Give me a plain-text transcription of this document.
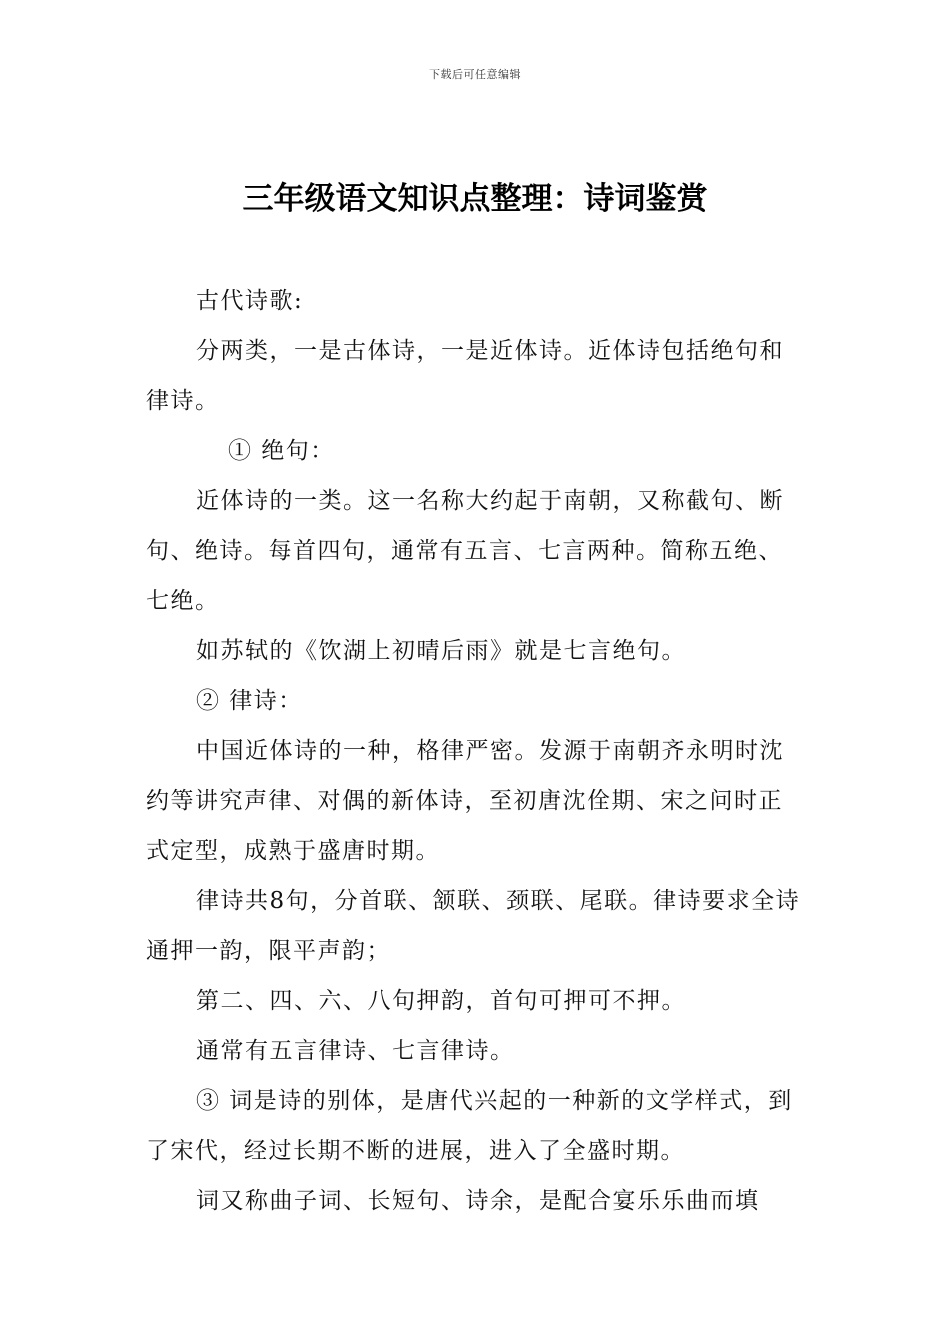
下载后可任意编辑
三年级语文知识点整理：诗词鉴赏

古代诗歌:

分两类，一是古体诗，一是近体诗。近体诗包括绝句和律诗。

① 绝句：

近体诗的一类。这一名称大约起于南朝，又称截句、断句、绝诗。每首四句，通常有五言、七言两种。简称五绝、七绝。

如苏轼的《饮湖上初晴后雨》就是七言绝句。

② 律诗：

中国近体诗的一种，格律严密。发源于南朝齐永明时沈约等讲究声律、对偶的新体诗，至初唐沈佺期、宋之问时正式定型，成熟于盛唐时期。

律诗共8句，分首联、颔联、颈联、尾联。律诗要求全诗通押一韵，限平声韵；

第二、四、六、八句押韵，首句可押可不押。

通常有五言律诗、七言律诗。

③ 词是诗的别体，是唐代兴起的一种新的文学样式，到了宋代，经过长期不断的进展，进入了全盛时期。

词又称曲子词、长短句、诗余，是配合宴乐乐曲而填
